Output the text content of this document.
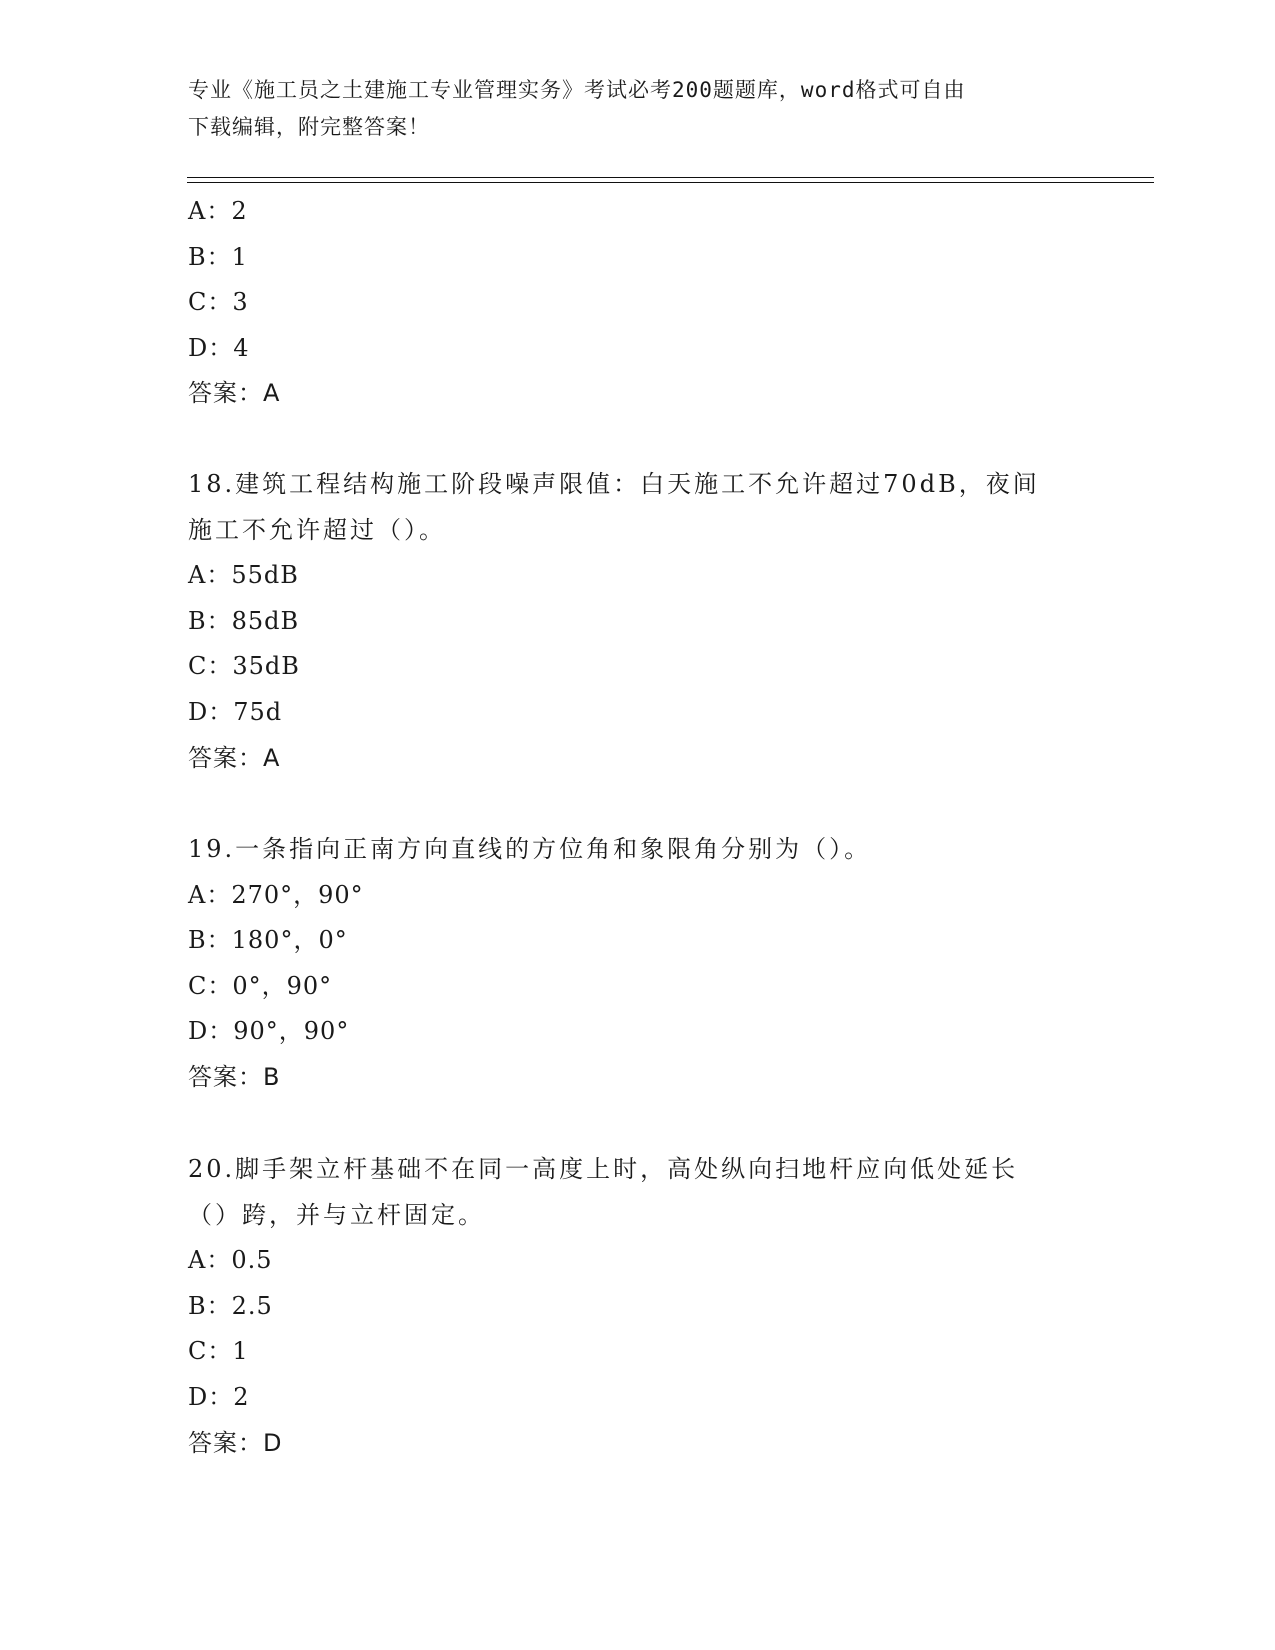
专业《施工员之土建施工专业管理实务》考试必考200题题库，word格式可自由
下载编辑，附完整答案！
A：2
B：1
C：3
D：4
答案：A
18.建筑工程结构施工阶段噪声限值：白天施工不允许超过70dB，夜间
施工不允许超过（）。
A：55dB
B：85dB
C：35dB
D：75d
答案：A
19.一条指向正南方向直线的方位角和象限角分别为（）。
A：270°，90°
B：180°，0°
C：0°，90°
D：90°，90°
答案：B
20.脚手架立杆基础不在同一高度上时，高处纵向扫地杆应向低处延长
（）跨，并与立杆固定。
A：0.5
B：2.5
C：1
D：2
答案：D
